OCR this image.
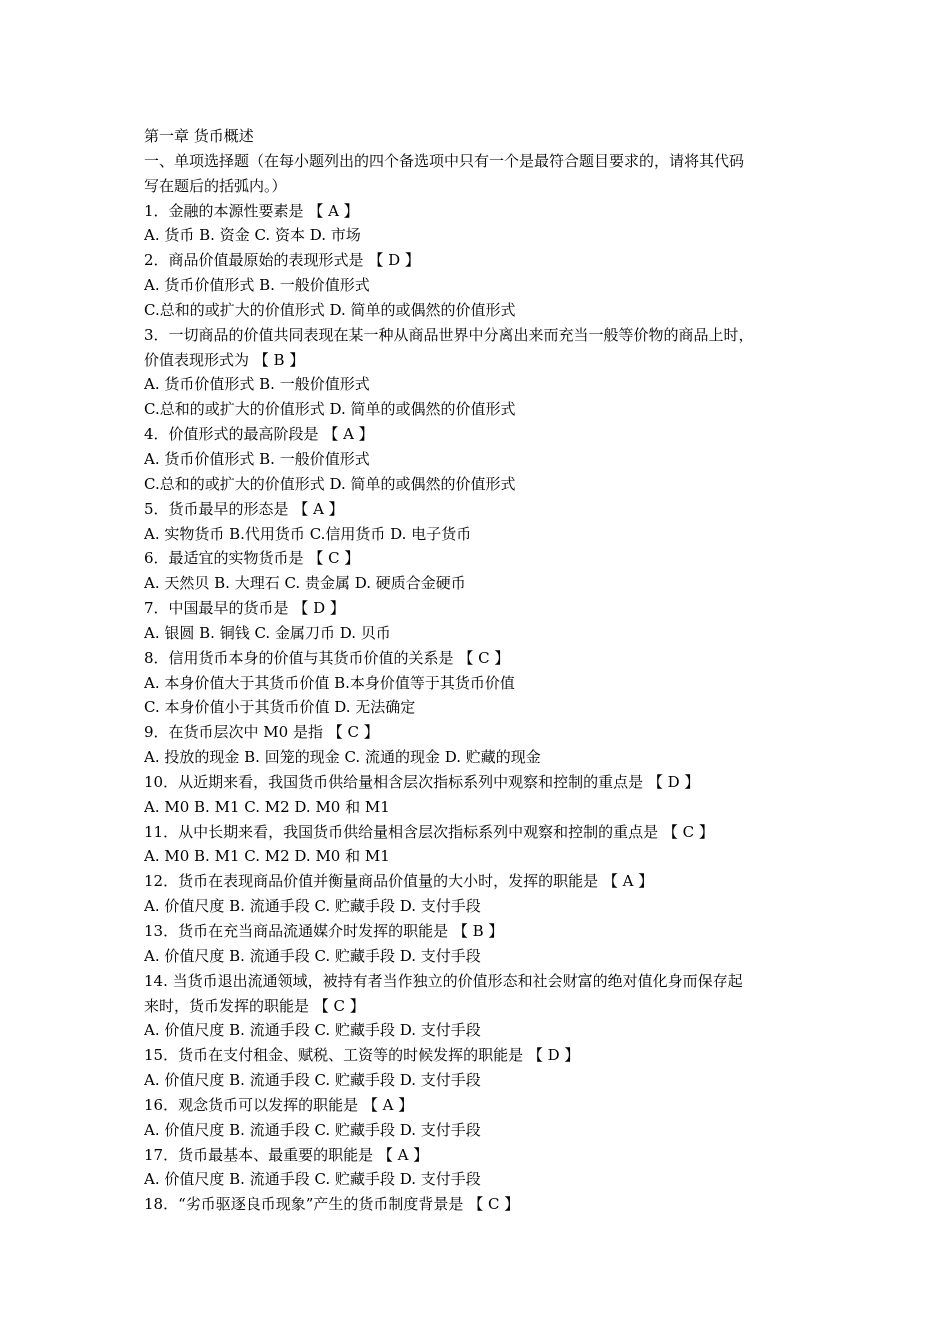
第一章 货币概述
一、单项选择题（在每小题列出的四个备选项中只有一个是最符合题目要求的，请将其代码
写在题后的括弧内。）
1．金融的本源性要素是 【 A 】
A. 货币 B. 资金 C. 资本 D. 市场
2．商品价值最原始的表现形式是 【 D 】
A. 货币价值形式 B. 一般价值形式
C.总和的或扩大的价值形式 D. 简单的或偶然的价值形式
3．一切商品的价值共同表现在某一种从商品世界中分离出来而充当一般等价物的商品上时，
价值表现形式为 【 B 】
A. 货币价值形式 B. 一般价值形式
C.总和的或扩大的价值形式 D. 简单的或偶然的价值形式
4．价值形式的最高阶段是 【 A 】
A. 货币价值形式 B. 一般价值形式
C.总和的或扩大的价值形式 D. 简单的或偶然的价值形式
5．货币最早的形态是 【 A 】
A. 实物货币 B.代用货币 C.信用货币 D. 电子货币
6．最适宜的实物货币是 【 C 】
A. 天然贝 B. 大理石 C. 贵金属 D. 硬质合金硬币
7．中国最早的货币是 【 D 】
A. 银圆 B. 铜钱 C. 金属刀币 D. 贝币
8．信用货币本身的价值与其货币价值的关系是 【 C 】
A. 本身价值大于其货币价值 B.本身价值等于其货币价值
C. 本身价值小于其货币价值 D. 无法确定
9．在货币层次中 M0 是指 【 C 】
A. 投放的现金 B. 回笼的现金 C. 流通的现金 D. 贮藏的现金
10．从近期来看，我国货币供给量相含层次指标系列中观察和控制的重点是 【 D 】
A. M0 B. M1 C. M2 D. M0 和 M1
11．从中长期来看，我国货币供给量相含层次指标系列中观察和控制的重点是 【 C 】
A. M0 B. M1 C. M2 D. M0 和 M1
12．货币在表现商品价值并衡量商品价值量的大小时，发挥的职能是 【 A 】
A. 价值尺度 B. 流通手段 C. 贮藏手段 D. 支付手段
13．货币在充当商品流通媒介时发挥的职能是 【 B 】
A. 价值尺度 B. 流通手段 C. 贮藏手段 D. 支付手段
14. 当货币退出流通领域，被持有者当作独立的价值形态和社会财富的绝对值化身而保存起
来时，货币发挥的职能是 【 C 】
A. 价值尺度 B. 流通手段 C. 贮藏手段 D. 支付手段
15．货币在支付租金、赋税、工资等的时候发挥的职能是 【 D 】
A. 价值尺度 B. 流通手段 C. 贮藏手段 D. 支付手段
16．观念货币可以发挥的职能是 【 A 】
A. 价值尺度 B. 流通手段 C. 贮藏手段 D. 支付手段
17．货币最基本、最重要的职能是 【 A 】
A. 价值尺度 B. 流通手段 C. 贮藏手段 D. 支付手段
18．“劣币驱逐良币现象”产生的货币制度背景是 【 C 】
